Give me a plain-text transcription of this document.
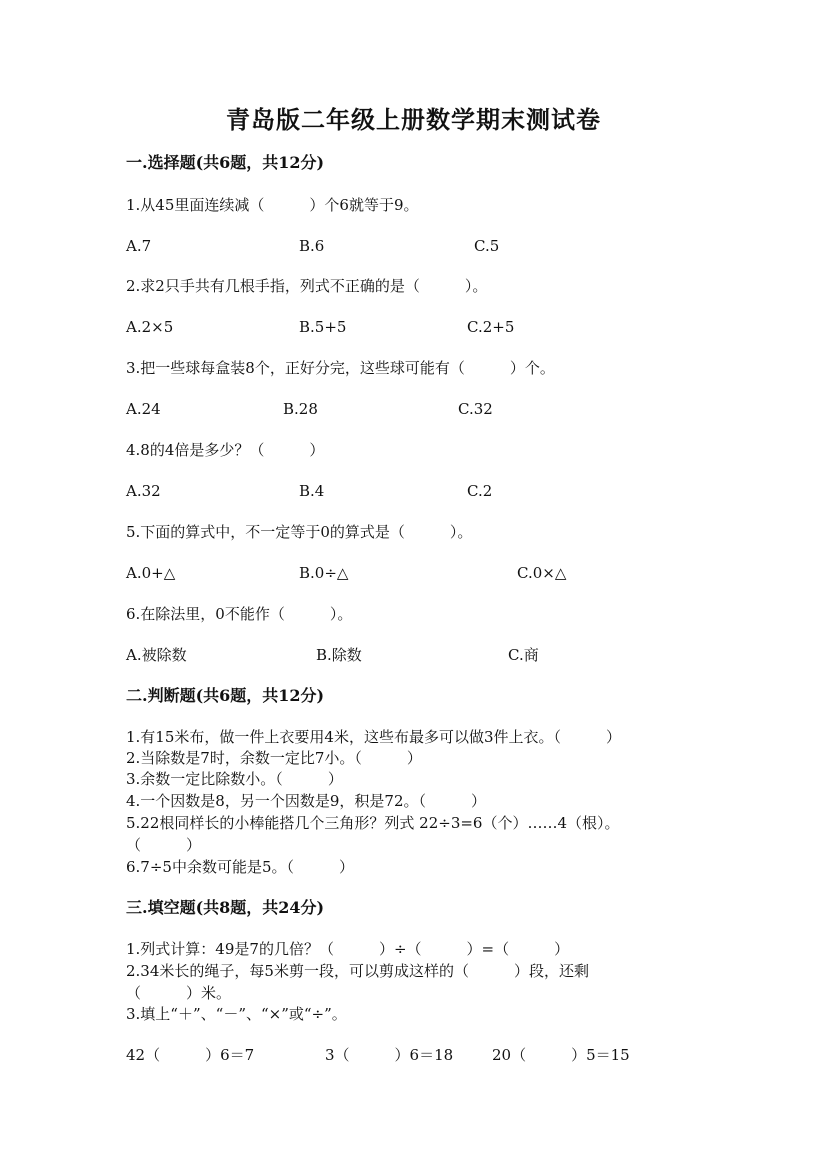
青岛版二年级上册数学期末测试卷
一.选择题(共6题，共12分)
1.从45里面连续减（　　　）个6就等于9。
A.7	B.6	C.5
2.求2只手共有几根手指，列式不正确的是（　　　）。
A.2×5	B.5+5	C.2+5
3.把一些球每盒装8个，正好分完，这些球可能有（　　　）个。
A.24	B.28	C.32
4.8的4倍是多少？（　　　）
A.32	B.4	C.2
5.下面的算式中，不一定等于0的算式是（　　　）。
A.0+△	B.0÷△	C.0×△
6.在除法里，0不能作（　　　）。
A.被除数	B.除数	C.商
二.判断题(共6题，共12分)
1.有15米布，做一件上衣要用4米，这些布最多可以做3件上衣。（　　　）
2.当除数是7时，余数一定比7小。（　　　）
3.余数一定比除数小。（　　　）
4.一个因数是8，另一个因数是9，积是72。（　　　）
5.22根同样长的小棒能搭几个三角形？列式 22÷3=6（个）……4（根）。
（　　　）
6.7÷5中余数可能是5。（　　　）
三.填空题(共8题，共24分)
1.列式计算：49是7的几倍？（　　　）÷（　　　）=（　　　）
2.34米长的绳子，每5米剪一段，可以剪成这样的（　　　）段，还剩
（　　　）米。
3.填上“＋”、“－”、“×”或“÷”。
42（　　　）6＝7	3（　　　）6＝18	20（　　　）5＝15
